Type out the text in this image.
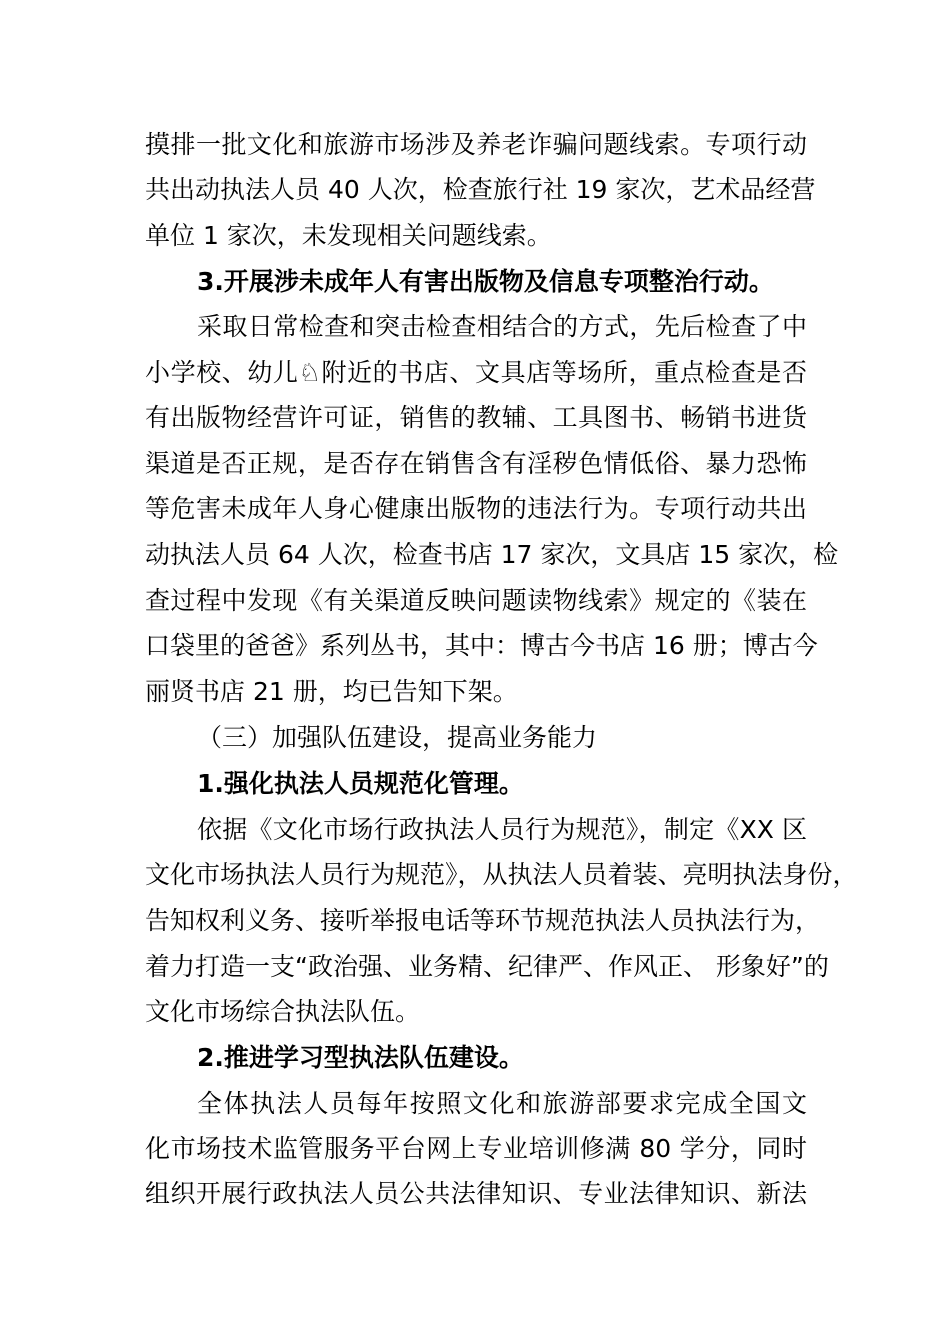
摸排一批文化和旅游市场涉及养老诈骗问题线索。专项行动
共出动执法人员 40 人次，检查旅行社 19 家次，艺术品经营
单位 1 家次，未发现相关问题线索。
3.开展涉未成年人有害出版物及信息专项整治行动。
采取日常检查和突击检查相结合的方式，先后检查了中
小学校、幼儿♘附近的书店、文具店等场所，重点检查是否
有出版物经营许可证，销售的教辅、工具图书、畅销书进货
渠道是否正规，是否存在销售含有淫秽色情低俗、暴力恐怖
等危害未成年人身心健康出版物的违法行为。专项行动共出
动执法人员 64 人次，检查书店 17 家次，文具店 15 家次，检
查过程中发现《有关渠道反映问题读物线索》规定的《装在
口袋里的爸爸》系列丛书，其中：博古今书店 16 册；博古今
丽贤书店 21 册，均已告知下架。
（三）加强队伍建设，提高业务能力
1.强化执法人员规范化管理。
依据《文化市场行政执法人员行为规范》，制定《XX 区
文化市场执法人员行为规范》，从执法人员着装、亮明执法身份，
告知权利义务、接听举报电话等环节规范执法人员执法行为，
着力打造一支“政治强、业务精、纪律严、作风正、 形象好”的
文化市场综合执法队伍。
2.推进学习型执法队伍建设。
全体执法人员每年按照文化和旅游部要求完成全国文
化市场技术监管服务平台网上专业培训修满 80 学分，同时
组织开展行政执法人员公共法律知识、专业法律知识、新法
